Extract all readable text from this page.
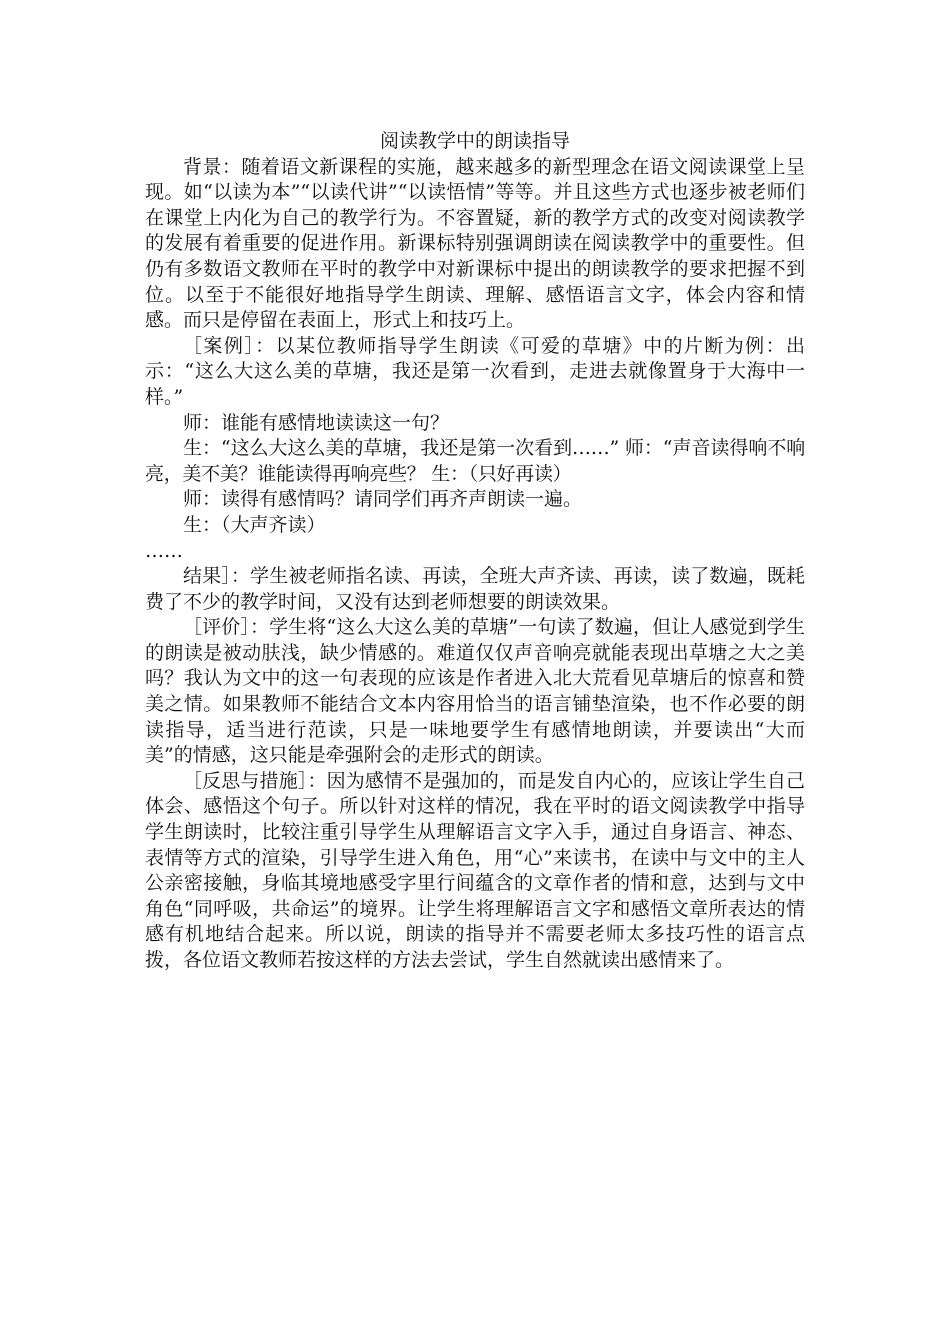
阅读教学中的朗读指导

背景：随着语文新课程的实施，越来越多的新型理念在语文阅读课堂上呈现。如“以读为本”“以读代讲”“以读悟情”等等。并且这些方式也逐步被老师们在课堂上内化为自己的教学行为。不容置疑，新的教学方式的改变对阅读教学的发展有着重要的促进作用。新课标特别强调朗读在阅读教学中的重要性。但仍有多数语文教师在平时的教学中对新课标中提出的朗读教学的要求把握不到位。以至于不能很好地指导学生朗读、理解、感悟语言文字，体会内容和情感。而只是停留在表面上，形式上和技巧上。

［案例］：以某位教师指导学生朗读《可爱的草塘》中的片断为例：出示：“这么大这么美的草塘，我还是第一次看到，走进去就像置身于大海中一样。”

师：谁能有感情地读读这一句？

生：“这么大这么美的草塘，我还是第一次看到……” 师：“声音读得响不响亮，美不美？谁能读得再响亮些？ 生：（只好再读）

师：读得有感情吗？请同学们再齐声朗读一遍。

生：（大声齐读）

……

结果］：学生被老师指名读、再读，全班大声齐读、再读，读了数遍，既耗费了不少的教学时间，又没有达到老师想要的朗读效果。

［评价］：学生将“这么大这么美的草塘”一句读了数遍，但让人感觉到学生的朗读是被动肤浅，缺少情感的。难道仅仅声音响亮就能表现出草塘之大之美吗？我认为文中的这一句表现的应该是作者进入北大荒看见草塘后的惊喜和赞美之情。如果教师不能结合文本内容用恰当的语言铺垫渲染，也不作必要的朗读指导，适当进行范读，只是一味地要学生有感情地朗读，并要读出“大而美”的情感，这只能是牵强附会的走形式的朗读。

［反思与措施］：因为感情不是强加的，而是发自内心的，应该让学生自己体会、感悟这个句子。所以针对这样的情况，我在平时的语文阅读教学中指导学生朗读时，比较注重引导学生从理解语言文字入手，通过自身语言、神态、表情等方式的渲染，引导学生进入角色，用“心”来读书，在读中与文中的主人公亲密接触，身临其境地感受字里行间蕴含的文章作者的情和意，达到与文中角色“同呼吸，共命运”的境界。让学生将理解语言文字和感悟文章所表达的情感有机地结合起来。所以说，朗读的指导并不需要老师太多技巧性的语言点拨，各位语文教师若按这样的方法去尝试，学生自然就读出感情来了。
